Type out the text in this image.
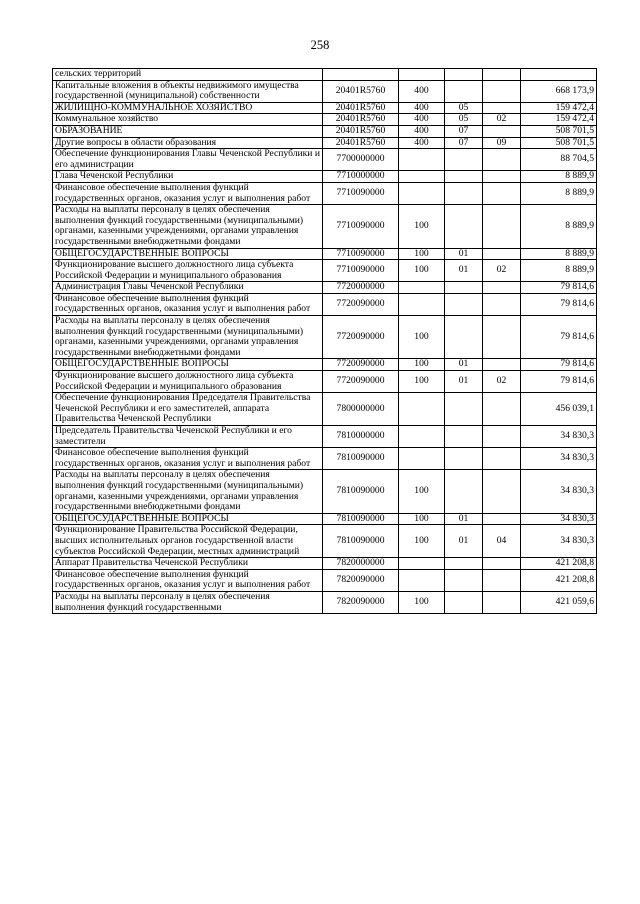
258
сельских территорий					
Капитальные вложения в объекты недвижимого имущества государственной (муниципальной) собственности	20401R5760	400			668 173,9
ЖИЛИЩНО-КОММУНАЛЬНОЕ ХОЗЯЙСТВО	20401R5760	400	05		159 472,4
Коммунальное хозяйство	20401R5760	400	05	02	159 472,4
ОБРАЗОВАНИЕ	20401R5760	400	07		508 701,5
Другие вопросы в области образования	20401R5760	400	07	09	508 701,5
Обеспечение функционирования Главы Чеченской Республики и его администрации	7700000000				88 704,5
Глава Чеченской Республики	7710000000				8 889,9
Финансовое обеспечение выполнения функций государственных органов, оказания услуг и выполнения работ	7710090000				8 889,9
Расходы на выплаты персоналу в целях обеспечения выполнения функций государственными (муниципальными) органами, казенными учреждениями, органами управления государственными внебюджетными фондами	7710090000	100			8 889,9
ОБЩЕГОСУДАРСТВЕННЫЕ ВОПРОСЫ	7710090000	100	01		8 889,9
Функционирование высшего должностного лица субъекта Российской Федерации и муниципального образования	7710090000	100	01	02	8 889,9
Администрация Главы Чеченской Республики	7720000000				79 814,6
Финансовое обеспечение выполнения функций государственных органов, оказания услуг и выполнения работ	7720090000				79 814,6
Расходы на выплаты персоналу в целях обеспечения выполнения функций государственными (муниципальными) органами, казенными учреждениями, органами управления государственными внебюджетными фондами	7720090000	100			79 814,6
ОБЩЕГОСУДАРСТВЕННЫЕ ВОПРОСЫ	7720090000	100	01		79 814,6
Функционирование высшего должностного лица субъекта Российской Федерации и муниципального образования	7720090000	100	01	02	79 814,6
Обеспечение функционирования Председателя Правительства Чеченской Республики и его заместителей, аппарата Правительства Чеченской Республики	7800000000				456 039,1
Председатель Правительства Чеченской Республики и его заместители	7810000000				34 830,3
Финансовое обеспечение выполнения функций государственных органов, оказания услуг и выполнения работ	7810090000				34 830,3
Расходы на выплаты персоналу в целях обеспечения выполнения функций государственными (муниципальными) органами, казенными учреждениями, органами управления государственными внебюджетными фондами	7810090000	100			34 830,3
ОБЩЕГОСУДАРСТВЕННЫЕ ВОПРОСЫ	7810090000	100	01		34 830,3
Функционирование Правительства Российской Федерации, высших исполнительных органов государственной власти субъектов Российской Федерации, местных администраций	7810090000	100	01	04	34 830,3
Аппарат Правительства Чеченской Республики	7820000000				421 208,8
Финансовое обеспечение выполнения функций государственных органов, оказания услуг и выполнения работ	7820090000				421 208,8
Расходы на выплаты персоналу в целях обеспечения выполнения функций государственными	7820090000	100			421 059,6
